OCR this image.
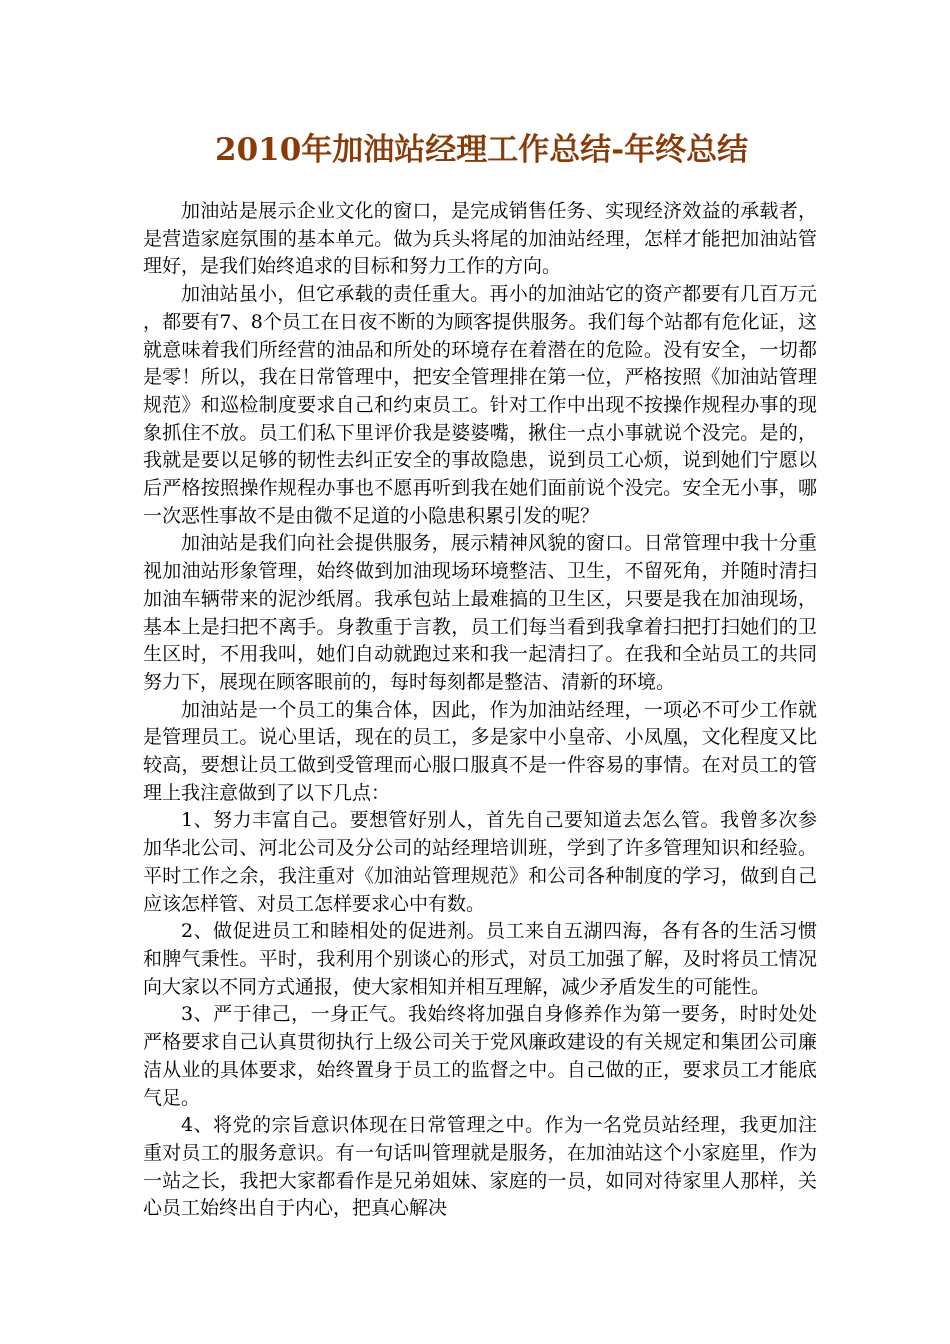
2010年加油站经理工作总结-年终总结

加油站是展示企业文化的窗口，是完成销售任务、实现经济效益的承载者，是营造家庭氛围的基本单元。做为兵头将尾的加油站经理，怎样才能把加油站管理好，是我们始终追求的目标和努力工作的方向。

加油站虽小，但它承载的责任重大。再小的加油站它的资产都要有几百万元，都要有7、8个员工在日夜不断的为顾客提供服务。我们每个站都有危化证，这就意味着我们所经营的油品和所处的环境存在着潜在的危险。没有安全，一切都是零！所以，我在日常管理中，把安全管理排在第一位，严格按照《加油站管理规范》和巡检制度要求自己和约束员工。针对工作中出现不按操作规程办事的现象抓住不放。员工们私下里评价我是婆婆嘴，揪住一点小事就说个没完。是的，我就是要以足够的韧性去纠正安全的事故隐患，说到员工心烦，说到她们宁愿以后严格按照操作规程办事也不愿再听到我在她们面前说个没完。安全无小事，哪一次恶性事故不是由微不足道的小隐患积累引发的呢？

加油站是我们向社会提供服务，展示精神风貌的窗口。日常管理中我十分重视加油站形象管理，始终做到加油现场环境整洁、卫生，不留死角，并随时清扫加油车辆带来的泥沙纸屑。我承包站上最难搞的卫生区，只要是我在加油现场，基本上是扫把不离手。身教重于言教，员工们每当看到我拿着扫把打扫她们的卫生区时，不用我叫，她们自动就跑过来和我一起清扫了。在我和全站员工的共同努力下，展现在顾客眼前的，每时每刻都是整洁、清新的环境。

加油站是一个员工的集合体，因此，作为加油站经理，一项必不可少工作就是管理员工。说心里话，现在的员工，多是家中小皇帝、小凤凰，文化程度又比较高，要想让员工做到受管理而心服口服真不是一件容易的事情。在对员工的管理上我注意做到了以下几点：

1、努力丰富自己。要想管好别人，首先自己要知道去怎么管。我曾多次参加华北公司、河北公司及分公司的站经理培训班，学到了许多管理知识和经验。平时工作之余，我注重对《加油站管理规范》和公司各种制度的学习，做到自己应该怎样管、对员工怎样要求心中有数。

2、做促进员工和睦相处的促进剂。员工来自五湖四海，各有各的生活习惯和脾气秉性。平时，我利用个别谈心的形式，对员工加强了解，及时将员工情况向大家以不同方式通报，使大家相知并相互理解，减少矛盾发生的可能性。

3、严于律己，一身正气。我始终将加强自身修养作为第一要务，时时处处严格要求自己认真贯彻执行上级公司关于党风廉政建设的有关规定和集团公司廉洁从业的具体要求，始终置身于员工的监督之中。自己做的正，要求员工才能底气足。

4、将党的宗旨意识体现在日常管理之中。作为一名党员站经理，我更加注重对员工的服务意识。有一句话叫管理就是服务，在加油站这个小家庭里，作为一站之长，我把大家都看作是兄弟姐妹、家庭的一员，如同对待家里人那样，关心员工始终出自于内心，把真心解决
